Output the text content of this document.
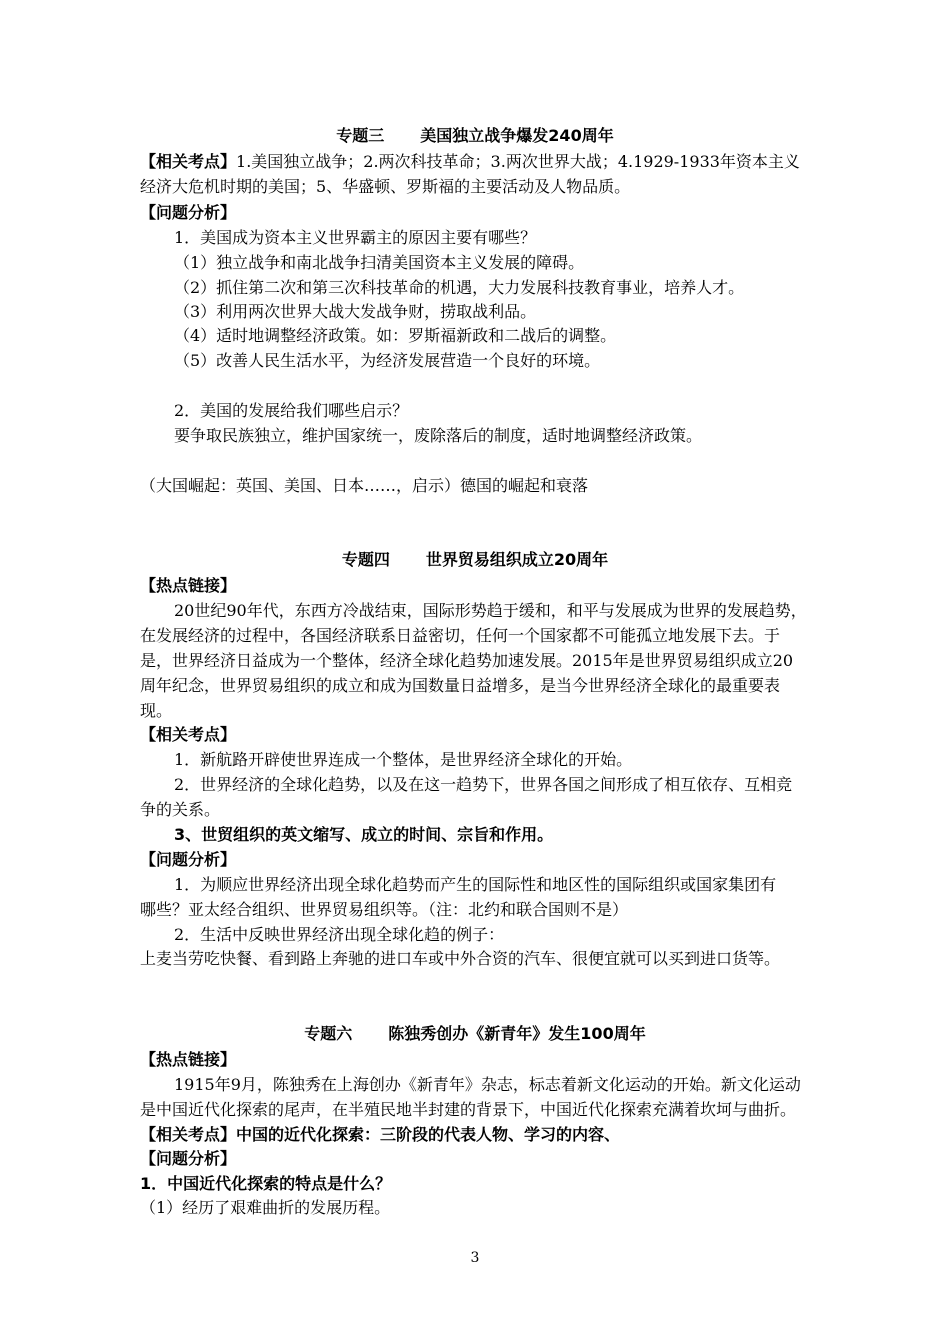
专题三 美国独立战争爆发240周年
【相关考点】1.美国独立战争；2.两次科技革命；3.两次世界大战；4.1929-1933年资本主义
经济大危机时期的美国；5、华盛顿、罗斯福的主要活动及人物品质。
【问题分析】
1．美国成为资本主义世界霸主的原因主要有哪些？
（1）独立战争和南北战争扫清美国资本主义发展的障碍。
（2）抓住第二次和第三次科技革命的机遇，大力发展科技教育事业，培养人才。
（3）利用两次世界大战大发战争财，捞取战利品。
（4）适时地调整经济政策。如：罗斯福新政和二战后的调整。
（5）改善人民生活水平，为经济发展营造一个良好的环境。
2．美国的发展给我们哪些启示？
要争取民族独立，维护国家统一，废除落后的制度，适时地调整经济政策。
（大国崛起：英国、美国、日本……，启示）德国的崛起和衰落
专题四 世界贸易组织成立20周年
【热点链接】
20世纪90年代，东西方冷战结束，国际形势趋于缓和，和平与发展成为世界的发展趋势，
在发展经济的过程中，各国经济联系日益密切，任何一个国家都不可能孤立地发展下去。于
是，世界经济日益成为一个整体，经济全球化趋势加速发展。2015年是世界贸易组织成立20
周年纪念，世界贸易组织的成立和成为国数量日益增多，是当今世界经济全球化的最重要表
现。
【相关考点】
1．新航路开辟使世界连成一个整体，是世界经济全球化的开始。
2．世界经济的全球化趋势，以及在这一趋势下，世界各国之间形成了相互依存、互相竞
争的关系。
3、世贸组织的英文缩写、成立的时间、宗旨和作用。
【问题分析】
1．为顺应世界经济出现全球化趋势而产生的国际性和地区性的国际组织或国家集团有
哪些？亚太经合组织、世界贸易组织等。（注：北约和联合国则不是）
2．生活中反映世界经济出现全球化趋的例子：
上麦当劳吃快餐、看到路上奔驰的进口车或中外合资的汽车、很便宜就可以买到进口货等。
专题六 陈独秀创办《新青年》发生100周年
【热点链接】
1915年9月，陈独秀在上海创办《新青年》杂志，标志着新文化运动的开始。新文化运动
是中国近代化探索的尾声，在半殖民地半封建的背景下，中国近代化探索充满着坎坷与曲折。
【相关考点】中国的近代化探索：三阶段的代表人物、学习的内容、
【问题分析】
1．中国近代化探索的特点是什么？
（1）经历了艰难曲折的发展历程。
3
